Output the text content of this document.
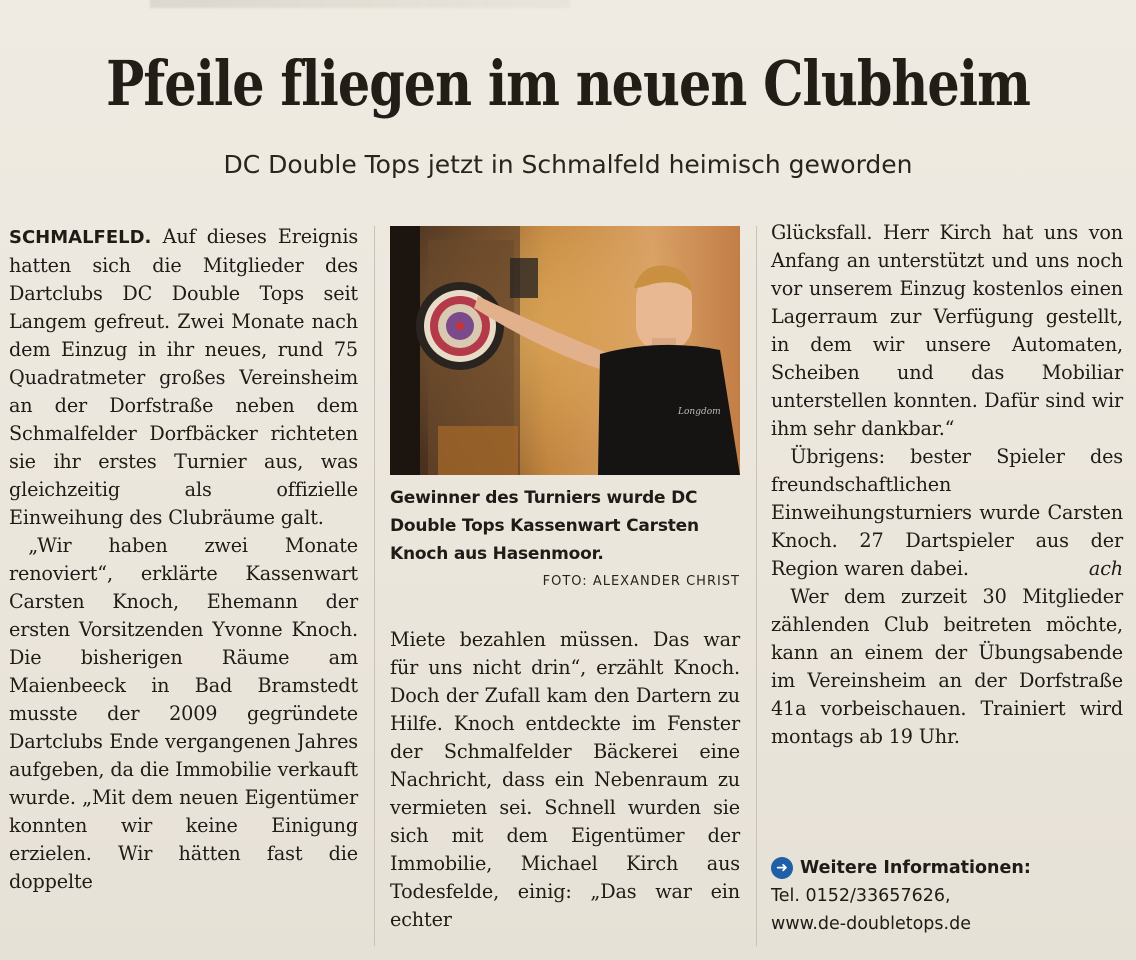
Pfeile fliegen im neuen Clubheim
DC Double Tops jetzt in Schmalfeld heimisch geworden

SCHMALFELD. Auf dieses Ereignis hatten sich die Mitglieder des Dartclubs DC Double Tops seit Langem gefreut. Zwei Monate nach dem Einzug in ihr neues, rund 75 Quadratmeter großes Vereinsheim an der Dorfstraße neben dem Schmalfelder Dorfbäcker richteten sie ihr erstes Turnier aus, was gleichzeitig als offizielle Einweihung des Clubräume galt.

„Wir haben zwei Monate renoviert“, erklärte Kassenwart Carsten Knoch, Ehemann der ersten Vorsitzenden Yvonne Knoch. Die bisherigen Räume am Maienbeeck in Bad Bramstedt musste der 2009 gegründete Dartclubs Ende vergangenen Jahres aufgeben, da die Immobilie verkauft wurde. „Mit dem neuen Eigentümer konnten wir keine Einigung erzielen. Wir hätten fast die doppelte

Longdom
Gewinner des Turniers wurde DC Double Tops Kassenwart Carsten Knoch aus Hasenmoor.
FOTO: ALEXANDER CHRIST

Miete bezahlen müssen. Das war für uns nicht drin“, erzählt Knoch. Doch der Zufall kam den Dartern zu Hilfe. Knoch entdeckte im Fenster der Schmalfelder Bäckerei eine Nachricht, dass ein Nebenraum zu vermieten sei. Schnell wurden sie sich mit dem Eigentümer der Immobilie, Michael Kirch aus Todesfelde, einig: „Das war ein echter

Glücksfall. Herr Kirch hat uns von Anfang an unterstützt und uns noch vor unserem Einzug kostenlos einen Lagerraum zur Verfügung gestellt, in dem wir unsere Automaten, Scheiben und das Mobiliar unterstellen konnten. Dafür sind wir ihm sehr dankbar.“

Übrigens: bester Spieler des freundschaftlichen Einweihungsturniers wurde Carsten Knoch. 27 Dartspieler aus der Region waren dabei.	ach

Wer dem zurzeit 30 Mitglieder zählenden Club beitreten möchte, kann an einem der Übungsabende im Vereinsheim an der Dorfstraße 41a vorbeischauen. Trainiert wird montags ab 19 Uhr.

➜ Weitere Informationen:
Tel. 0152/33657626,
www.de-doubletops.de
